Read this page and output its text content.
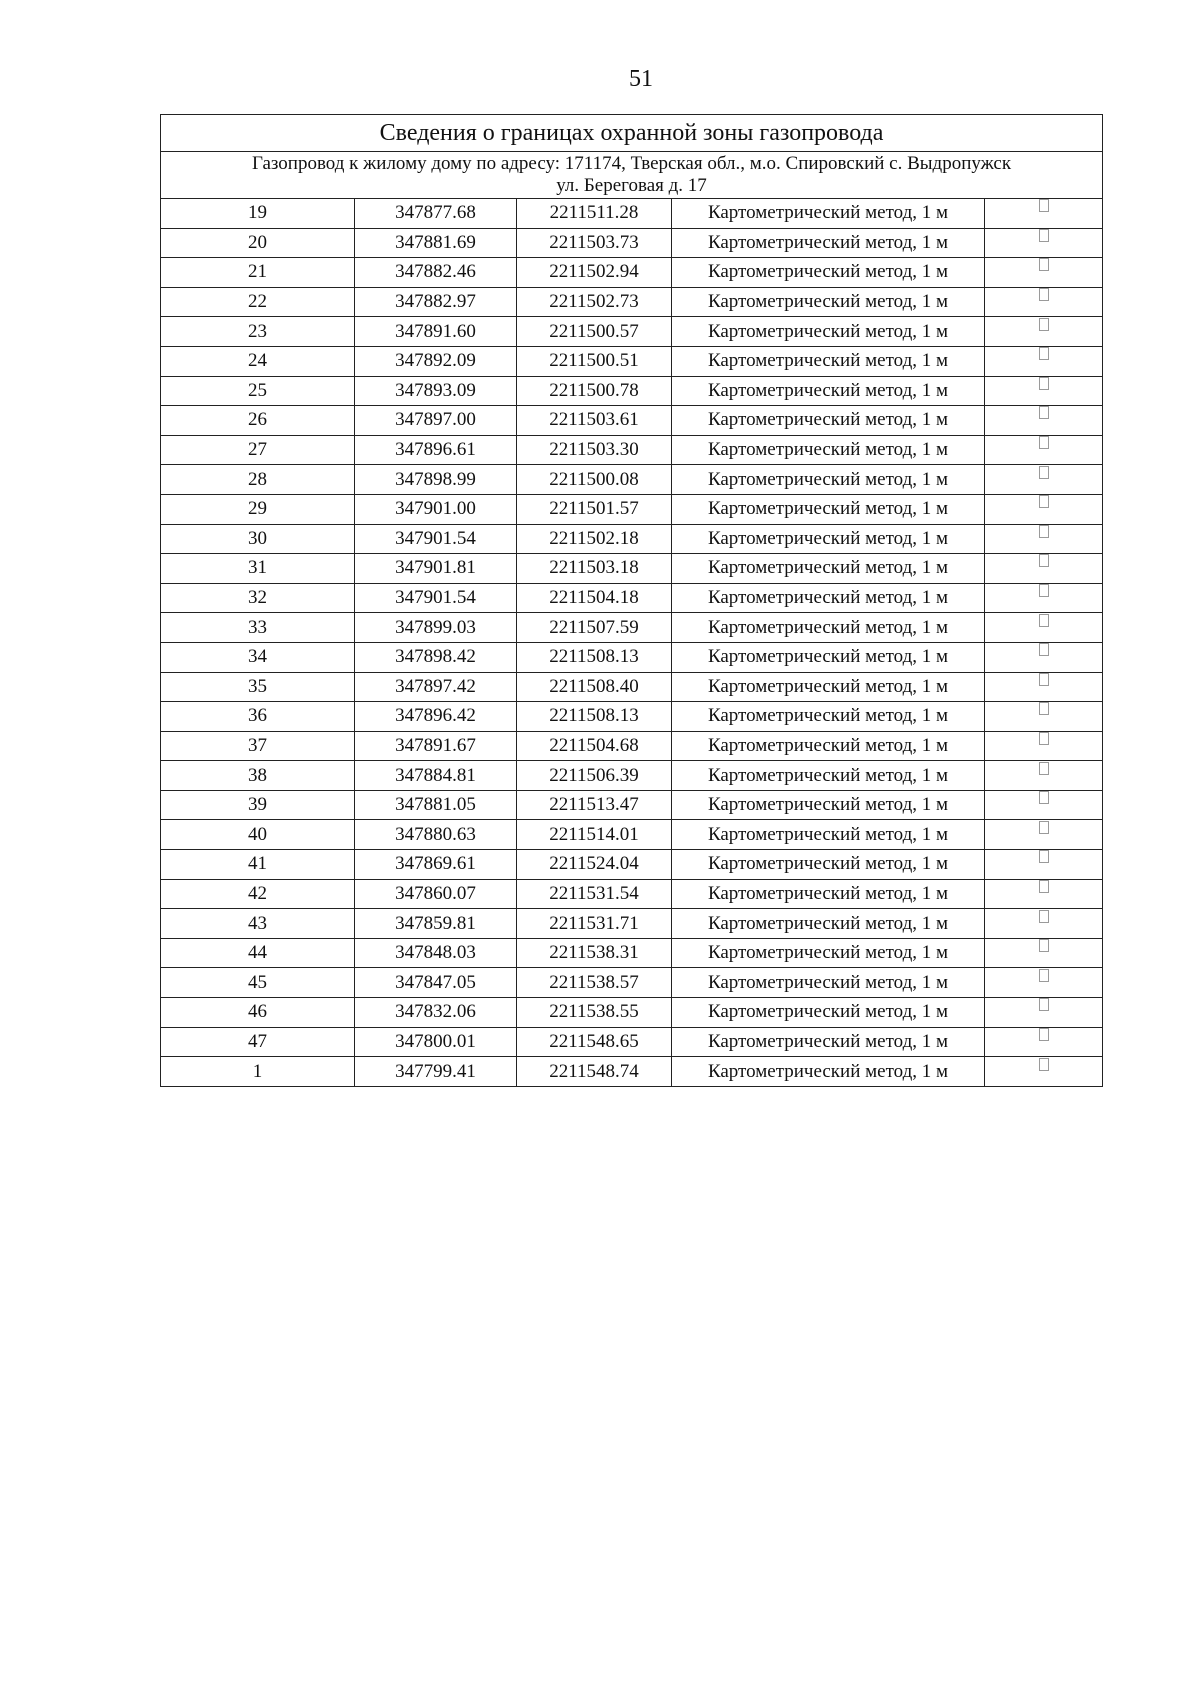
51
Сведения о границах охранной зоны газопровода				
Газопровод к жилому дому по адресу: 171174, Тверская обл., м.о. Спировский с. Выдропужск
ул. Береговая д. 17				
19	347877.68	2211511.28	Картометрический метод, 1 м	
20	347881.69	2211503.73	Картометрический метод, 1 м	
21	347882.46	2211502.94	Картометрический метод, 1 м	
22	347882.97	2211502.73	Картометрический метод, 1 м	
23	347891.60	2211500.57	Картометрический метод, 1 м	
24	347892.09	2211500.51	Картометрический метод, 1 м	
25	347893.09	2211500.78	Картометрический метод, 1 м	
26	347897.00	2211503.61	Картометрический метод, 1 м	
27	347896.61	2211503.30	Картометрический метод, 1 м	
28	347898.99	2211500.08	Картометрический метод, 1 м	
29	347901.00	2211501.57	Картометрический метод, 1 м	
30	347901.54	2211502.18	Картометрический метод, 1 м	
31	347901.81	2211503.18	Картометрический метод, 1 м	
32	347901.54	2211504.18	Картометрический метод, 1 м	
33	347899.03	2211507.59	Картометрический метод, 1 м	
34	347898.42	2211508.13	Картометрический метод, 1 м	
35	347897.42	2211508.40	Картометрический метод, 1 м	
36	347896.42	2211508.13	Картометрический метод, 1 м	
37	347891.67	2211504.68	Картометрический метод, 1 м	
38	347884.81	2211506.39	Картометрический метод, 1 м	
39	347881.05	2211513.47	Картометрический метод, 1 м	
40	347880.63	2211514.01	Картометрический метод, 1 м	
41	347869.61	2211524.04	Картометрический метод, 1 м	
42	347860.07	2211531.54	Картометрический метод, 1 м	
43	347859.81	2211531.71	Картометрический метод, 1 м	
44	347848.03	2211538.31	Картометрический метод, 1 м	
45	347847.05	2211538.57	Картометрический метод, 1 м	
46	347832.06	2211538.55	Картометрический метод, 1 м	
47	347800.01	2211548.65	Картометрический метод, 1 м	
1	347799.41	2211548.74	Картометрический метод, 1 м	
